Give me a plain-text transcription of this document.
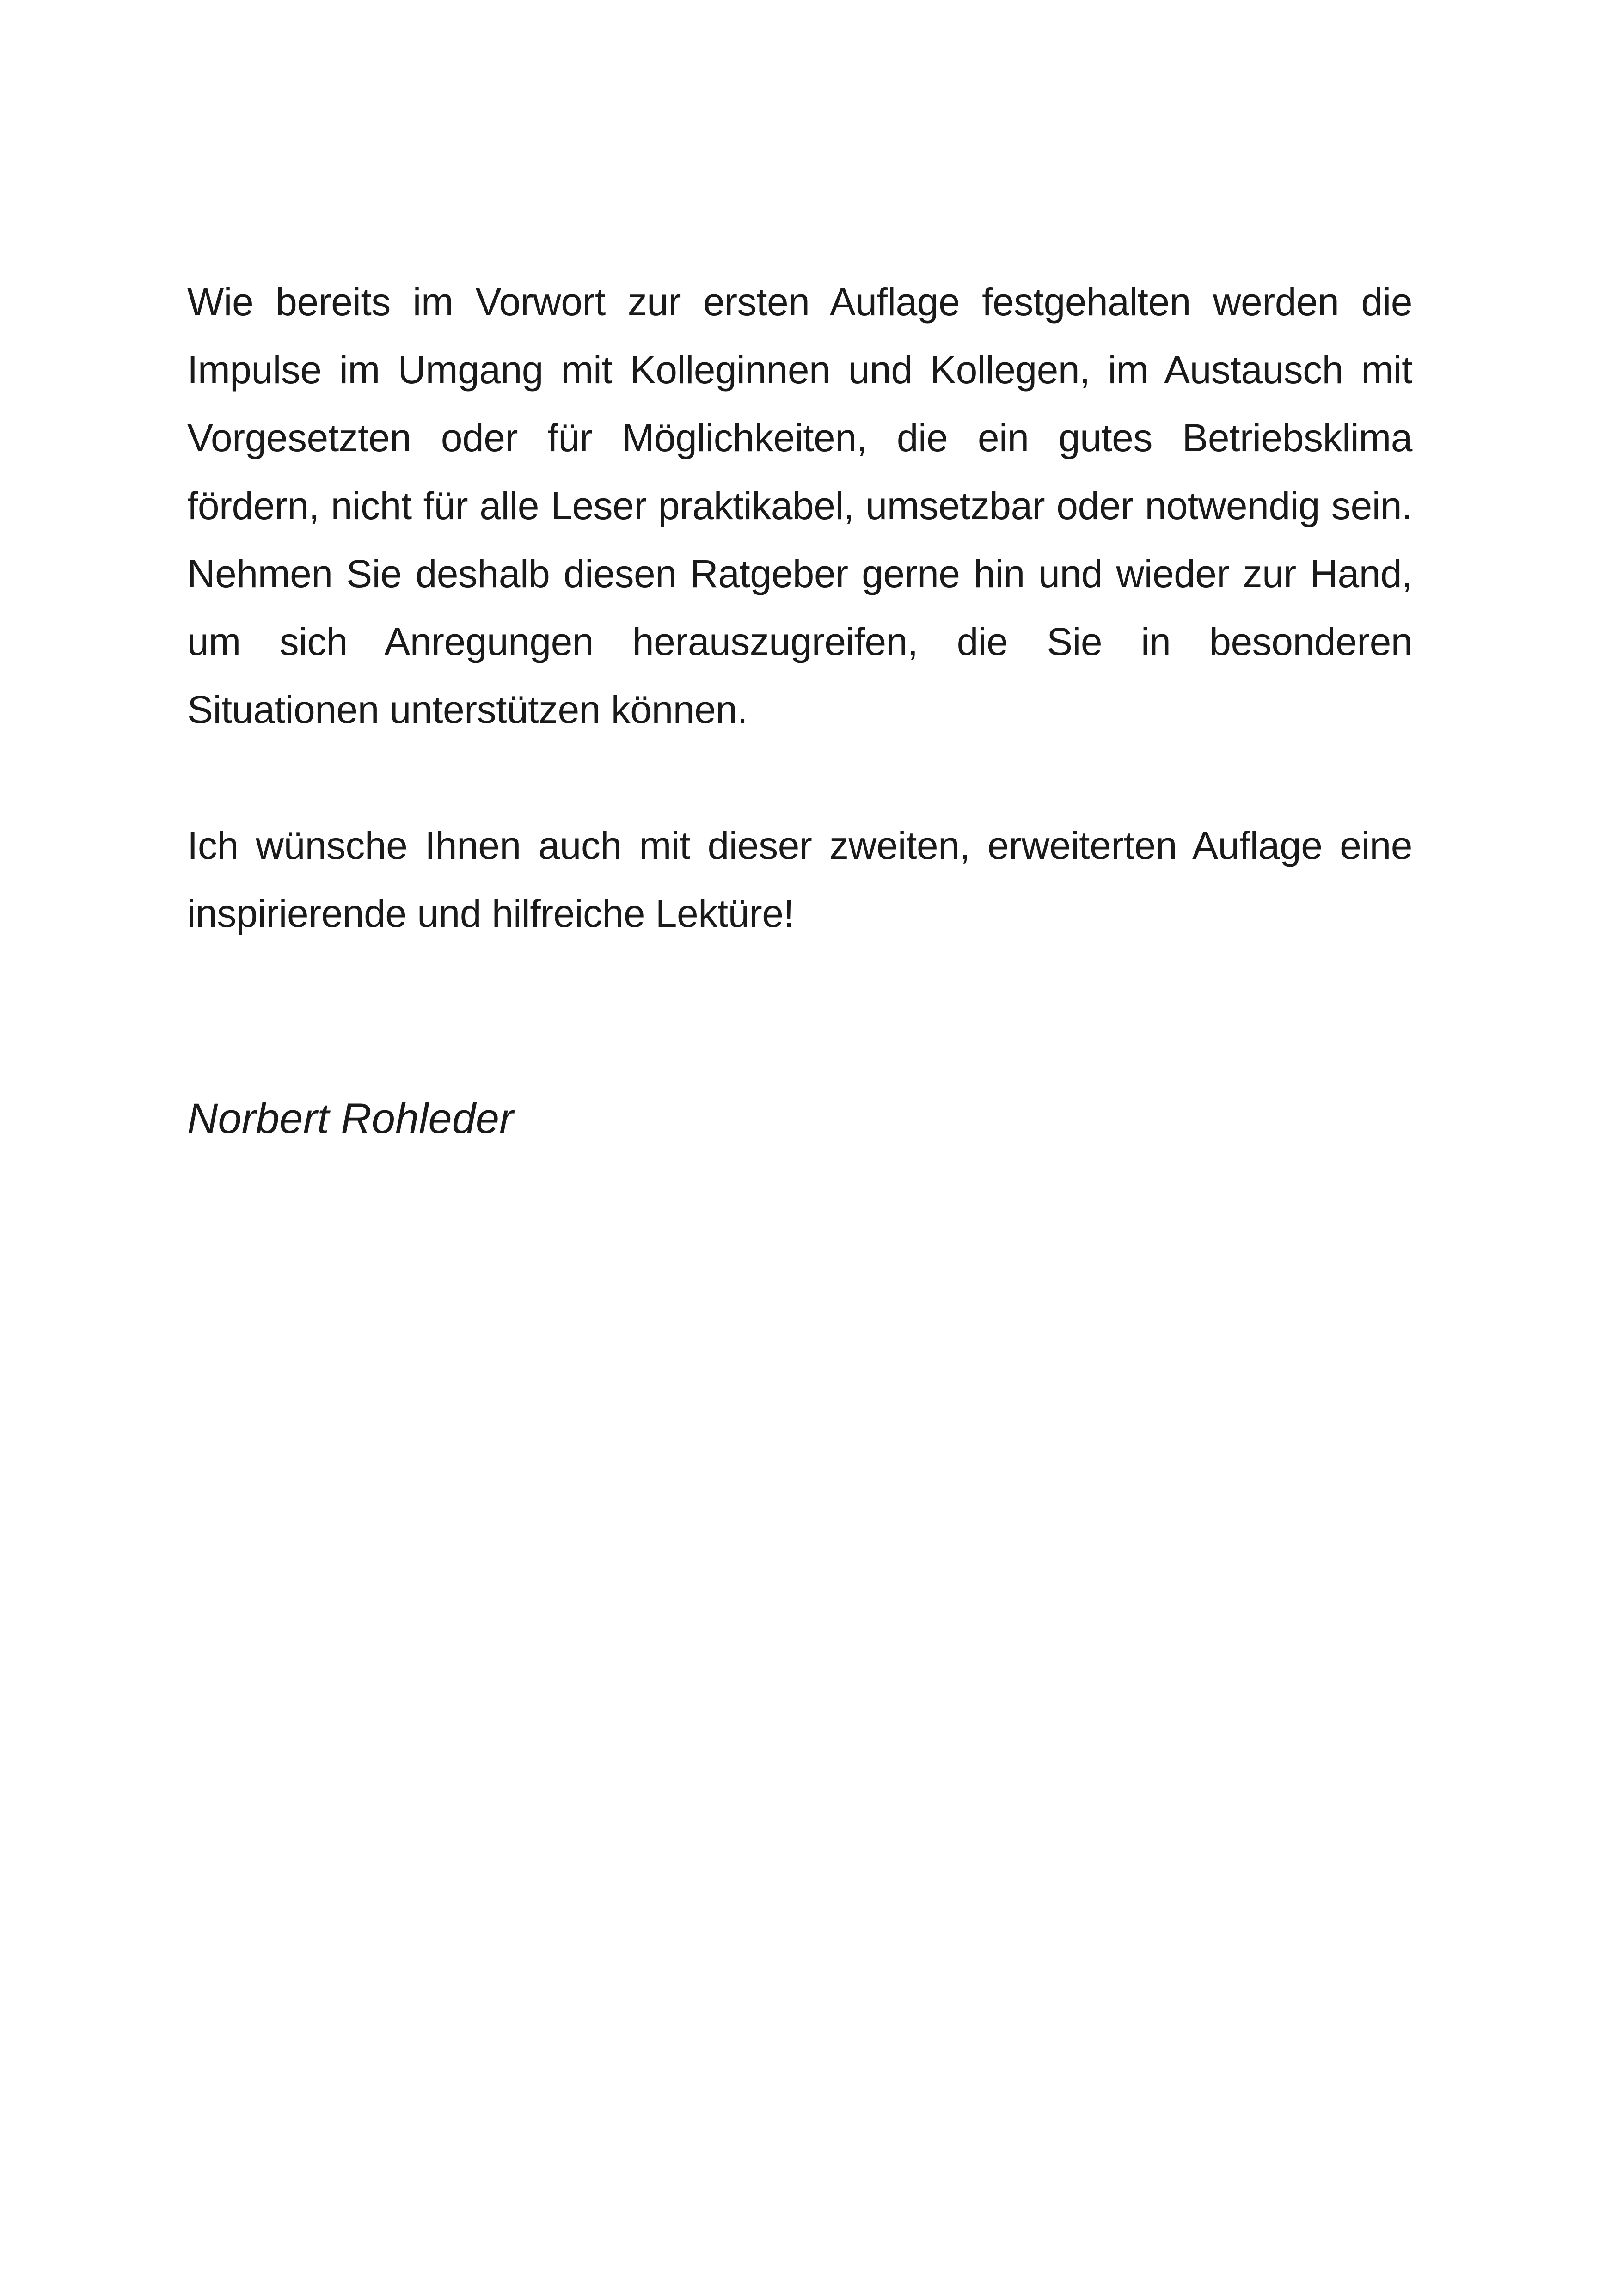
Wie bereits im Vorwort zur ersten Auflage festgehalten werden die Impulse im Umgang mit Kolleginnen und Kollegen, im Austausch mit Vorgesetzten oder für Möglichkeiten, die ein gutes Betriebsklima fördern, nicht für alle Leser praktikabel, umsetzbar oder notwendig sein. Nehmen Sie deshalb diesen Ratgeber gerne hin und wieder zur Hand, um sich Anregungen herauszugreifen, die Sie in besonderen Situationen unterstützen können.

Ich wünsche Ihnen auch mit dieser zweiten, erweiterten Auflage eine inspirierende und hilfreiche Lektüre!

Norbert Rohleder
